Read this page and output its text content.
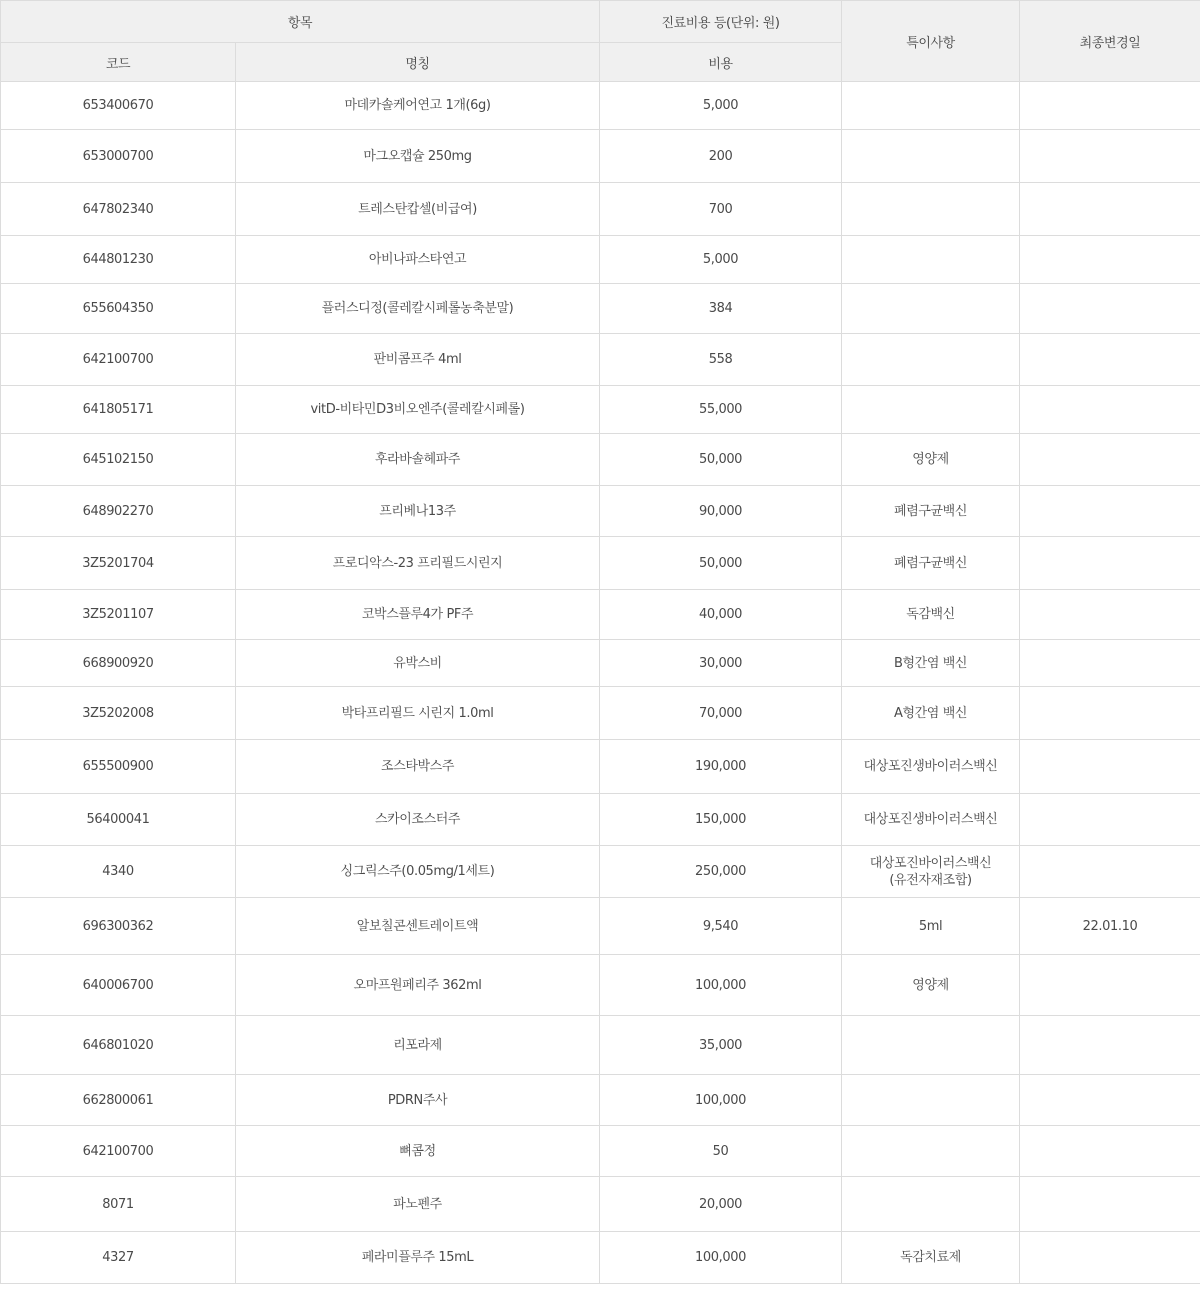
항목		진료비용 등(단위: 원)	특이사항	최종변경일
코드	명칭	비용		
653400670	마데카솔케어연고 1개(6g)	5,000		
653000700	마그오캡슐 250mg	200		
647802340	트레스탄캅셀(비급여)	700		
644801230	아비나파스타연고	5,000		
655604350	플러스디정(콜레칼시페롤농축분말)	384		
642100700	판비콤프주 4ml	558		
641805171	vitD-비타민D3비오엔주(콜레칼시페롤)	55,000		
645102150	후라바솔헤파주	50,000	영양제	
648902270	프리베나13주	90,000	폐렴구균백신	
3Z5201704	프로디악스-23 프리필드시린지	50,000	폐렴구균백신	
3Z5201107	코박스플루4가 PF주	40,000	독감백신	
668900920	유박스비	30,000	B형간염 백신	
3Z5202008	박타프리필드 시린지 1.0ml	70,000	A형간염 백신	
655500900	조스타박스주	190,000	대상포진생바이러스백신	
56400041	스카이조스터주	150,000	대상포진생바이러스백신	
4340	싱그릭스주(0.05mg/1세트)	250,000	대상포진바이러스백신
(유전자재조합)	
696300362	알보칠콘센트레이트액	9,540	5ml	22.01.10
640006700	오마프원페리주 362ml	100,000	영양제	
646801020	리포라제	35,000		
662800061	PDRN주사	100,000		
642100700	뼈콤정	50		
8071	파노펜주	20,000		
4327	페라미플루주 15mL	100,000	독감치료제	
